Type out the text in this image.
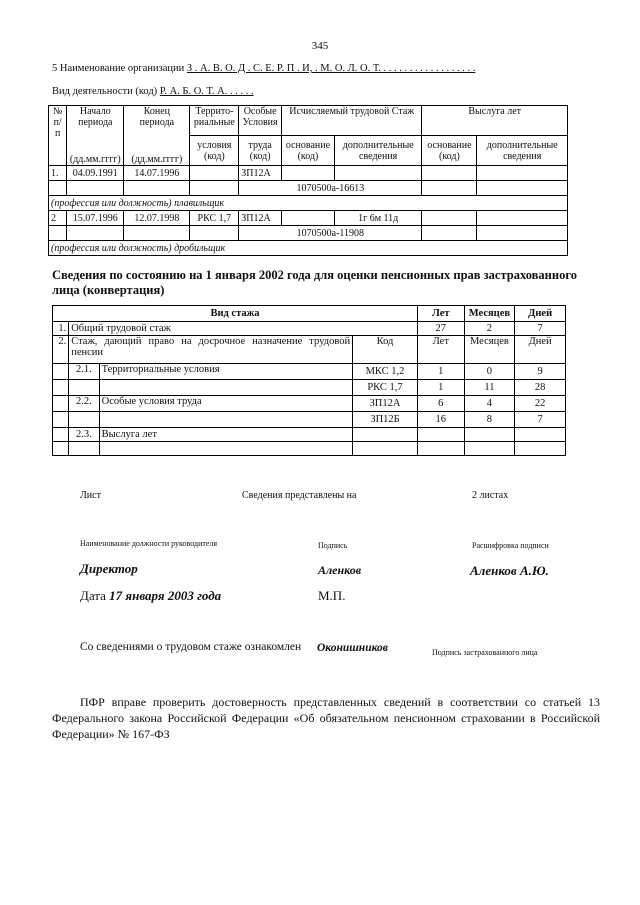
345
5 Наименование организации З . А. В. О. Д . С. Е. Р. П . И, . М. О. Л. О. Т. . . . . . . . . . . . . . . . . . .
Вид деятельности (код) Р. А. Б. О. Т. А. . . . . .
№ п/п	Начало периода	Конец периода	Террито-риальные	Особые Условия	Исчисляемый трудовой Стаж		Выслуга лет	
	(дд.мм.гггг)	(дд.мм.гггг)	условия (код)	труда (код)	основание (код)	дополнительные сведения	основание (код)	дополнительные сведения
1.	04.09.1991	14.07.1996		ЗП12А				
				1070500а-16613				
(профессия или должность) плавильщик								
2	15.07.1996	12.07.1998	РКС 1,7	ЗП12А		1г 6м 11д		
				1070500а-11908				
(профессия или должность) дробильщик								
Сведения по состоянию на 1 января 2002 года для оценки пенсионных прав застрахованного лица (конвертация)
Вид стажа				Лет	Месяцев	Дней
1.	Общий трудовой стаж			27	2	7
2.	Стаж, дающий право на досрочное назначение трудовой пенсии		Код	Лет	Месяцев	Дней
	2.1.	Территориальные условия	МКС 1,2	1	0	9
			РКС 1,7	1	11	28
	2.2.	Особые условия труда	ЗП12А	6	4	22
			ЗП12Б	16	8	7
	2.3.	Выслуга лет				

Лист	Сведения представлены на	2 листах
Наименование должности руководителя	Подпись	Расшифровка подписи
Директор	Аленков	Аленков А.Ю.
Дата 17 января 2003 года	М.П.
Со сведениями о трудовом стаже ознакомлен Оконишников	Подпись застрахованного лица
ПФР вправе проверить достоверность представленных сведений в соответствии со статьей 13 Федерального закона Российской Федерации «Об обязательном пенсионном страховании в Российской Федерации» № 167-ФЗ
